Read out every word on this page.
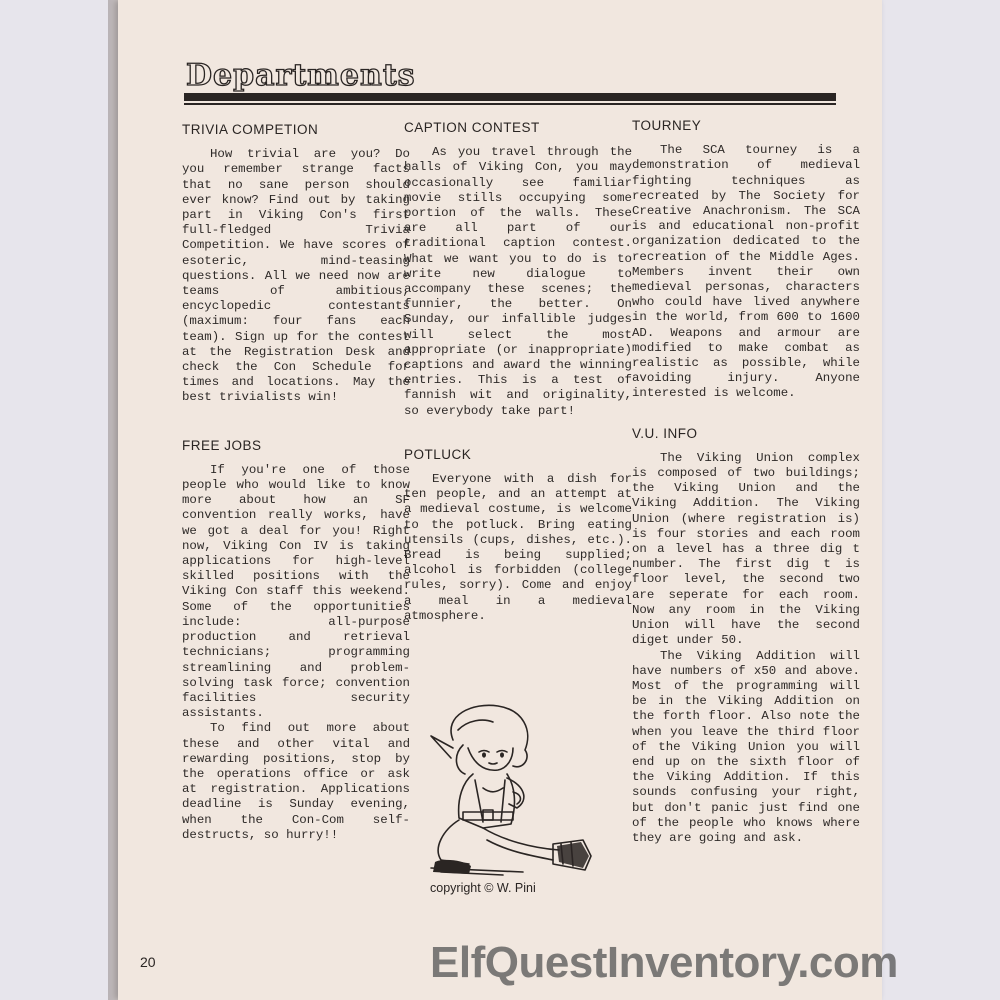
Departments
TRIVIA COMPETION

How trivial are you? Do you remember strange facts that no sane person should ever know? Find out by taking part in Viking Con's first full-fledged Trivia Competition. We have scores of esoteric, mind-teasing questions. All we need now are teams of ambitious, encyclopedic contestants (maximum: four fans each team). Sign up for the contest at the Registration Desk and check the Con Schedule for times and locations. May the best trivialists win!

FREE JOBS

If you're one of those people who would like to know more about how an SF convention really works, have we got a deal for you! Right now, Viking Con IV is taking applications for high-level skilled positions with the Viking Con staff this weekend. Some of the opportunities include: all-purpose production and retrieval technicians; programming streamlining and problem-solving task force; convention facilities security assistants.

To find out more about these and other vital and rewarding positions, stop by the operations office or ask at registration. Applications deadline is Sunday evening, when the Con-Com self-destructs, so hurry!!

CAPTION CONTEST

As you travel through the halls of Viking Con, you may occasionally see familiar movie stills occupying some portion of the walls. These are all part of our traditional caption contest. What we want you to do is to write new dialogue to accompany these scenes; the funnier, the better. On Sunday, our infallible judges will select the most appropriate (or inappropriate) captions and award the winning entries. This is a test of fannish wit and originality, so everybody take part!

POTLUCK

Everyone with a dish for ten people, and an attempt at a medieval costume, is welcome to the potluck. Bring eating utensils (cups, dishes, etc.). Bread is being supplied; alcohol is forbidden (college rules, sorry). Come and enjoy a meal in a medieval atmosphere.

TOURNEY

The SCA tourney is a demonstration of medieval fighting techniques as recreated by The Society for Creative Anachronism. The SCA is and educational non-profit organization dedicated to the recreation of the Middle Ages. Members invent their own medieval personas, characters who could have lived anywhere in the world, from 600 to 1600 AD. Weapons and armour are modified to make combat as realistic as possible, while avoiding injury. Anyone interested is welcome.

V.U. INFO

The Viking Union complex is composed of two buildings; the Viking Union and the Viking Addition. The Viking Union (where registration is) is four stories and each room on a level has a three dig t number. The first dig t is floor level, the second two are seperate for each room. Now any room in the Viking Union will have the second diget under 50.

The Viking Addition will have numbers of x50 and above. Most of the programming will be in the Viking Addition on the forth floor. Also note the when you leave the third floor of the Viking Union you will end up on the sixth floor of the Viking Addition. If this sounds confusing your right, but don't panic just find one of the people who knows where they are going and ask.

copyright © W. Pini
20	ElfQuestInventory.com
